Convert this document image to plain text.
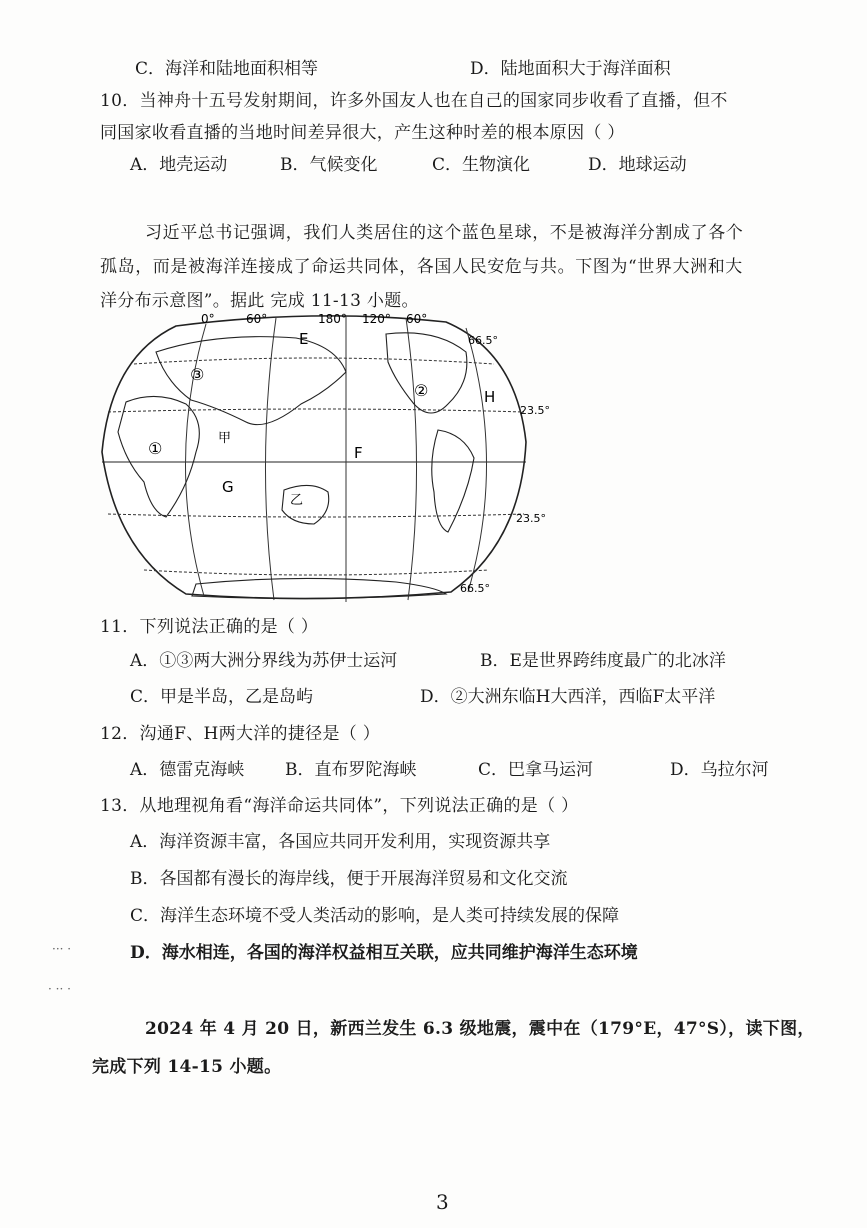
C．海洋和陆地面积相等	D．陆地面积大于海洋面积
10．当神舟十五号发射期间，许多外国友人也在自己的国家同步收看了直播，但不
同国家收看直播的当地时间差异很大，产生这种时差的根本原因（ ）
A．地壳运动	B．气候变化	C．生物演化	D．地球运动
习近平总书记强调，我们人类居住的这个蓝色星球，不是被海洋分割成了各个
孤岛，而是被海洋连接成了命运共同体，各国人民安危与共。下图为“世界大洲和大
洋分布示意图”。据此 完成 11-13 小题。
0°	60°	180° 120° 60°
66.5°
23.5°
23.5°
66.5°
E
H
F
G
甲
乙
①
②
③
11．下列说法正确的是（ ）
A．①③两大洲分界线为苏伊士运河	B．E是世界跨纬度最广的北冰洋
C．甲是半岛，乙是岛屿	D．②大洲东临H大西洋，西临F太平洋
12．沟通F、H两大洋的捷径是（ ）
A．德雷克海峡 B．直布罗陀海峡	C．巴拿马运河	D．乌拉尔河
13．从地理视角看“海洋命运共同体”，下列说法正确的是（ ）
A．海洋资源丰富，各国应共同开发利用，实现资源共享
B．各国都有漫长的海岸线，便于开展海洋贸易和文化交流
C．海洋生态环境不受人类活动的影响，是人类可持续发展的保障
D．海水相连，各国的海洋权益相互关联，应共同维护海洋生态环境
··· ·
· ·· ·
2024 年 4 月 20 日，新西兰发生 6.3 级地震，震中在（179°E，47°S），读下图，
完成下列 14-15 小题。
3
